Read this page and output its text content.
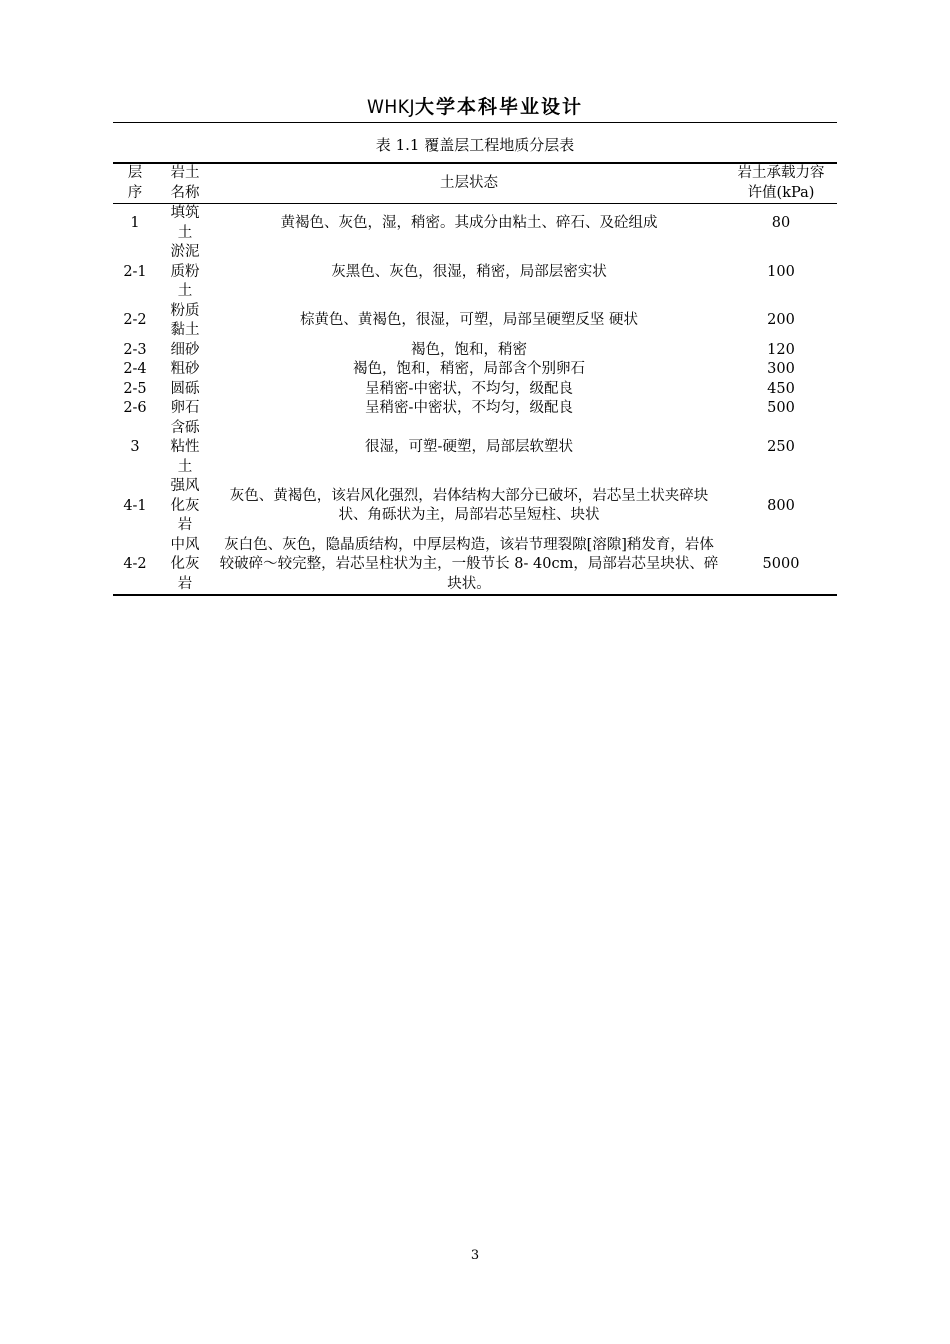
WHKJ大学本科毕业设计
表 1.1 覆盖层工程地质分层表
层序	岩土名称	土层状态	岩土承载力容许值(kPa)
1	填筑土	黄褐色、灰色，湿，稍密。其成分由粘土、碎石、及砼组成	80
2-1	淤泥质粉土	灰黑色、灰色，很湿，稍密，局部层密实状	100
2-2	粉质黏土	棕黄色、黄褐色，很湿，可塑，局部呈硬塑反坚 硬状	200
2-3	细砂	褐色，饱和，稍密	120
2-4	粗砂	褐色，饱和，稍密，局部含个别卵石	300
2-5	圆砾	呈稍密-中密状，不均匀，级配良	450
2-6	卵石	呈稍密-中密状，不均匀，级配良	500
3	含砾粘性土	很湿，可塑-硬塑，局部层软塑状	250
4-1	强风化灰岩	灰色、黄褐色，该岩风化强烈，岩体结构大部分已破坏，岩芯呈土状夹碎块状、角砾状为主，局部岩芯呈短柱、块状	800
4-2	中风化灰岩	灰白色、灰色，隐晶质结构，中厚层构造，该岩节理裂隙[溶隙]稍发育，岩体较破碎～较完整，岩芯呈柱状为主，一般节长 8- 40cm，局部岩芯呈块状、碎块状。	5000
3
